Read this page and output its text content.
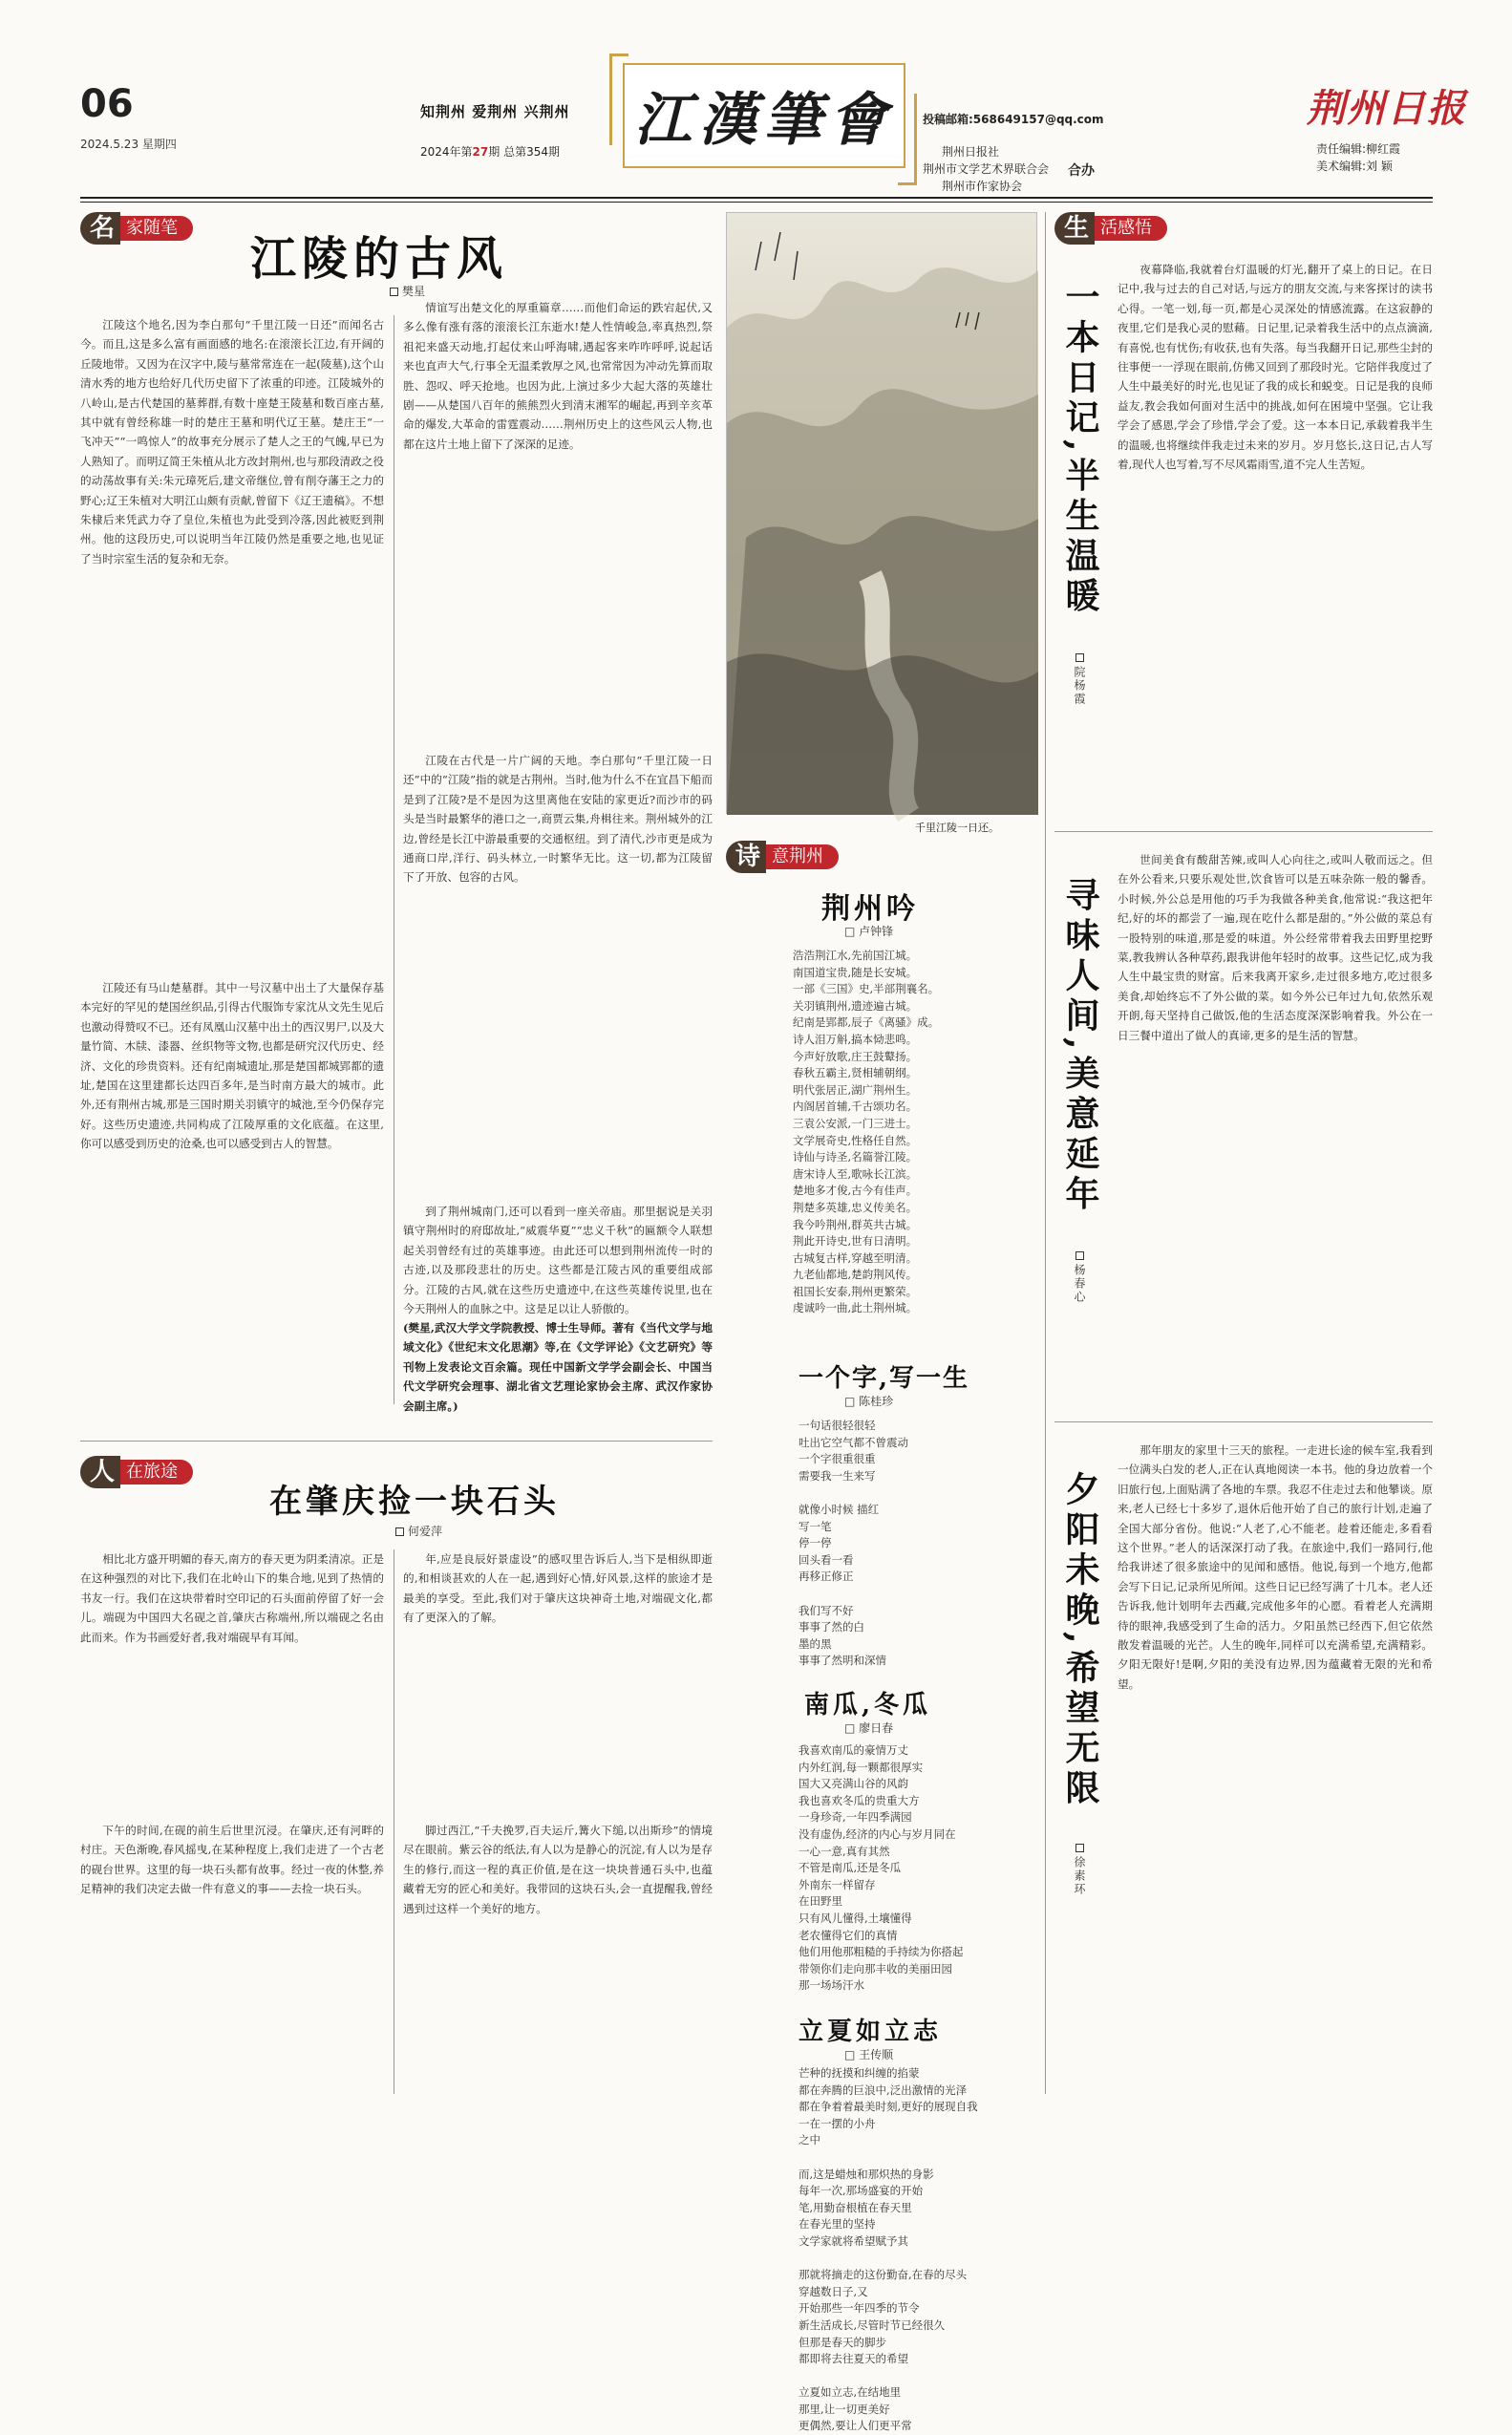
06
2024.5.23 星期四
知荆州 爱荆州 兴荆州
2024年第27期 总第354期 江漢筆會	投稿邮箱:568649157@qq.com
荆州日报社
荆州市文学艺术界联合会
荆州市作家协会
合办
荆州日报
责任编辑:柳红霞
美术编辑:刘 颖
名 家随笔
江陵的古风
樊星
江陵这个地名,因为李白那句“千里江陵一日还”而闻名古今。而且,这是多么富有画面感的地名:在滚滚长江边,有开阔的丘陵地带。又因为在汉字中,陵与墓常常连在一起(陵墓),这个山清水秀的地方也给好几代历史留下了浓重的印迹。江陵城外的八岭山,是古代楚国的墓葬群,有数十座楚王陵墓和数百座古墓,其中就有曾经称雄一时的楚庄王墓和明代辽王墓。楚庄王“一飞冲天”“一鸣惊人”的故事充分展示了楚人之王的气魄,早已为人熟知了。而明辽简王朱植从北方改封荆州,也与那段清政之役的动荡故事有关:朱元璋死后,建文帝继位,曾有削夺藩王之力的野心;辽王朱植对大明江山颇有贡献,曾留下《辽王遗稿》。不想朱棣后来凭武力夺了皇位,朱植也为此受到冷落,因此被贬到荆州。他的这段历史,可以说明当年江陵仍然是重要之地,也见证了当时宗室生活的复杂和无奈。
江陵还有马山楚墓群。其中一号汉墓中出土了大量保存基本完好的罕见的楚国丝织品,引得古代服饰专家沈从文先生见后也激动得赞叹不已。还有凤凰山汉墓中出土的西汉男尸,以及大量竹简、木牍、漆器、丝织物等文物,也都是研究汉代历史、经济、文化的珍贵资料。还有纪南城遗址,那是楚国都城郢都的遗址,楚国在这里建都长达四百多年,是当时南方最大的城市。此外,还有荆州古城,那是三国时期关羽镇守的城池,至今仍保存完好。这些历史遗迹,共同构成了江陵厚重的文化底蕴。在这里,你可以感受到历史的沧桑,也可以感受到古人的智慧。
情谊写出楚文化的厚重篇章……而他们命运的跌宕起伏,又多么像有涨有落的滚滚长江东逝水!楚人性情峻急,率真热烈,祭祖祀来盛天动地,打起仗来山呼海啸,遇起客来咋咋呼呼,说起话来也直声大气,行事全无温柔敦厚之风,也常常因为冲动先算而取胜、怨叹、呼天抢地。也因为此,上演过多少大起大落的英雄壮剧——从楚国八百年的熊熊烈火到清末湘军的崛起,再到辛亥革命的爆发,大革命的雷霆震动……荆州历史上的这些风云人物,也都在这片土地上留下了深深的足迹。
江陵在古代是一片广阔的天地。李白那句“千里江陵一日还”中的“江陵”指的就是古荆州。当时,他为什么不在宜昌下船而是到了江陵?是不是因为这里离他在安陆的家更近?而沙市的码头是当时最繁华的港口之一,商贾云集,舟楫往来。荆州城外的江边,曾经是长江中游最重要的交通枢纽。到了清代,沙市更是成为通商口岸,洋行、码头林立,一时繁华无比。这一切,都为江陵留下了开放、包容的古风。
到了荆州城南门,还可以看到一座关帝庙。那里据说是关羽镇守荆州时的府邸故址,“威震华夏”“忠义千秋”的匾额令人联想起关羽曾经有过的英雄事迹。由此还可以想到荆州流传一时的古迹,以及那段悲壮的历史。这些都是江陵古风的重要组成部分。江陵的古风,就在这些历史遗迹中,在这些英雄传说里,也在今天荆州人的血脉之中。这是足以让人骄傲的。
(樊星,武汉大学文学院教授、博士生导师。著有《当代文学与地域文化》《世纪末文化思潮》等,在《文学评论》《文艺研究》等刊物上发表论文百余篇。现任中国新文学学会副会长、中国当代文学研究会理事、湖北省文艺理论家协会主席、武汉作家协会副主席。)
千里江陵一日还。
诗 意荆州
荆州吟
□ 卢钟锋
浩浩荆江水,先前国江城。
南国道宝贵,随是长安城。
一部《三国》史,半部荆襄名。
关羽镇荆州,遗迹遍古城。
纪南是郢都,辰子《离骚》成。
诗人泪万斛,搞本恸悲鸣。
今声好放歌,庄王鼓鼙扬。
春秋五霸主,贤相辅朝纲。
明代张居正,湖广荆州生。
内阁居首辅,千古颂功名。
三袁公安派,一门三进士。
文学展奇史,性格任自然。
诗仙与诗圣,名篇誉江陵。
唐宋诗人至,歌咏长江滨。
楚地多才俊,古今有佳声。
荆楚多英雄,忠义传美名。
我今吟荆州,群英共古城。
荆此开诗史,世有日清明。
古城复古样,穿越至明清。
九老仙都地,楚韵荆风传。
祖国长安泰,荆州更繁荣。
虔诚吟一曲,此土荆州城。
一个字,写一生
□ 陈桂珍
一句话很轻很轻
吐出它空气都不曾震动
一个字很重很重
需要我一生来写

就像小时候 描红
写一笔
停一停
回头看一看
再移正修正

我们写不好
事事了然的白
墨的黑
事事了然明和深情
南瓜,冬瓜
□ 廖日春
我喜欢南瓜的豪情万丈
内外红润,每一颗都很厚实
国大又亮满山谷的风韵
我也喜欢冬瓜的贵重大方
一身珍奇,一年四季满园
没有虚伪,经济的内心与岁月同在
一心一意,真有其然
不管是南瓜,还是冬瓜
外南东一样留存
在田野里
只有风儿懂得,土壤懂得
老农懂得它们的真情
他们用他那粗糙的手持续为你搭起
带领你们走向那丰收的美丽田园
那一场场汗水
立夏如立志
□ 王传顺
芒种的抚摸和纠缠的掐蒙
都在奔腾的巨浪中,泛出激情的光泽
都在争着着最美时刻,更好的展现自我
一在一摆的小舟
之中

而,这是蜡烛和那炽热的身影
每年一次,那场盛宴的开始
笔,用勤奋根植在春天里
在春光里的坚持
文学家就将希望赋予其

那就将摘走的这份勤奋,在春的尽头
穿越数日子,又
开始那些一年四季的节令
新生活成长,尽管时节已经很久
但那是春天的脚步
都即将去往夏天的希望

立夏如立志,在结地里
那里,让一切更美好
更偶然,要让人们更平常
人 在旅途
在肇庆捡一块石头
何爱萍
相比北方盛开明媚的春天,南方的春天更为阴柔清凉。正是在这种强烈的对比下,我们在北岭山下的集合地,见到了热情的书友一行。我们在这块带着时空印记的石头面前停留了好一会儿。端砚为中国四大名砚之首,肇庆古称端州,所以端砚之名由此而来。作为书画爱好者,我对端砚早有耳闻。
下午的时间,在砚的前生后世里沉浸。在肇庆,还有河畔的村庄。天色渐晚,春风摇曳,在某种程度上,我们走进了一个古老的砚台世界。这里的每一块石头都有故事。经过一夜的休整,养足精神的我们决定去做一件有意义的事——去捡一块石头。
年,应是良辰好景虚设”的感叹里告诉后人,当下是相纵即逝的,和相谈甚欢的人在一起,遇到好心情,好风景,这样的旅途才是最美的享受。至此,我们对于肇庆这块神奇土地,对端砚文化,都有了更深入的了解。
脚过西江,“千夫挽罗,百夫运斤,篝火下缒,以出斯珍”的情境尽在眼前。紫云谷的纸法,有人以为是静心的沉淀,有人以为是存生的修行,而这一程的真正价值,是在这一块块普通石头中,也蕴藏着无穷的匠心和美好。我带回的这块石头,会一直提醒我,曾经遇到过这样一个美好的地方。
生 活感悟
一本日记,半生温暖
院杨霞
夜幕降临,我就着台灯温暖的灯光,翻开了桌上的日记。在日记中,我与过去的自己对话,与远方的朋友交流,与来客探讨的读书心得。一笔一划,每一页,都是心灵深处的情感流露。在这寂静的夜里,它们是我心灵的慰藉。日记里,记录着我生活中的点点滴滴,有喜悦,也有忧伤;有收获,也有失落。每当我翻开日记,那些尘封的往事便一一浮现在眼前,仿佛又回到了那段时光。它陪伴我度过了人生中最美好的时光,也见证了我的成长和蜕变。日记是我的良师益友,教会我如何面对生活中的挑战,如何在困境中坚强。它让我学会了感恩,学会了珍惜,学会了爱。这一本本日记,承载着我半生的温暖,也将继续伴我走过未来的岁月。岁月悠长,这日记,古人写着,现代人也写着,写不尽风霜雨雪,道不完人生苦短。
寻味人间,美意延年
杨春心
世间美食有酸甜苦辣,或叫人心向往之,或叫人敬而远之。但在外公看来,只要乐观处世,饮食皆可以是五味杂陈一般的馨香。小时候,外公总是用他的巧手为我做各种美食,他常说:“我这把年纪,好的坏的都尝了一遍,现在吃什么都是甜的。”外公做的菜总有一股特别的味道,那是爱的味道。外公经常带着我去田野里挖野菜,教我辨认各种草药,跟我讲他年轻时的故事。这些记忆,成为我人生中最宝贵的财富。后来我离开家乡,走过很多地方,吃过很多美食,却始终忘不了外公做的菜。如今外公已年过九旬,依然乐观开朗,每天坚持自己做饭,他的生活态度深深影响着我。外公在一日三餐中道出了做人的真谛,更多的是生活的智慧。
夕阳未晚,希望无限
徐素环
那年朋友的家里十三天的旅程。一走进长途的候车室,我看到一位满头白发的老人,正在认真地阅读一本书。他的身边放着一个旧旅行包,上面贴满了各地的车票。我忍不住走过去和他攀谈。原来,老人已经七十多岁了,退休后他开始了自己的旅行计划,走遍了全国大部分省份。他说:“人老了,心不能老。趁着还能走,多看看这个世界。”老人的话深深打动了我。在旅途中,我们一路同行,他给我讲述了很多旅途中的见闻和感悟。他说,每到一个地方,他都会写下日记,记录所见所闻。这些日记已经写满了十几本。老人还告诉我,他计划明年去西藏,完成他多年的心愿。看着老人充满期待的眼神,我感受到了生命的活力。夕阳虽然已经西下,但它依然散发着温暖的光芒。人生的晚年,同样可以充满希望,充满精彩。夕阳无限好!是啊,夕阳的美没有边界,因为蕴藏着无限的光和希望。
